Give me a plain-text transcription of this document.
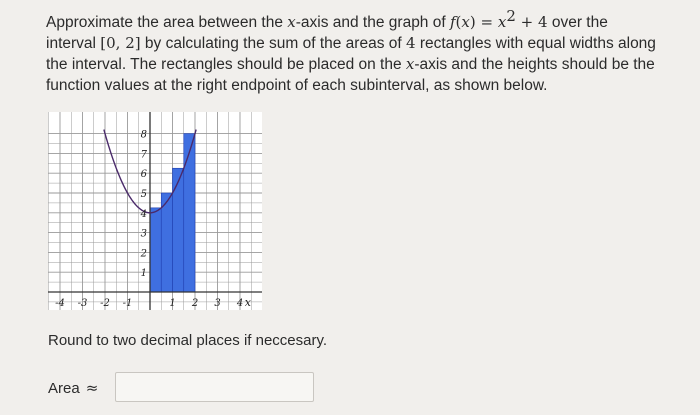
Approximate the area between the x-axis and the graph of $f(x) = x^2 + 4$ over the
interval [0, 2] by calculating the sum of the areas of 4 rectangles with equal widths along
the interval. The rectangles should be placed on the x-axis and the heights should be the
function values at the right endpoint of each subinterval, as shown below.
-4 -3 -2 -1	1 2 3 4
1
2
3
4
5
6
7
8
x
Round to two decimal places if neccesary.
Area ≈
